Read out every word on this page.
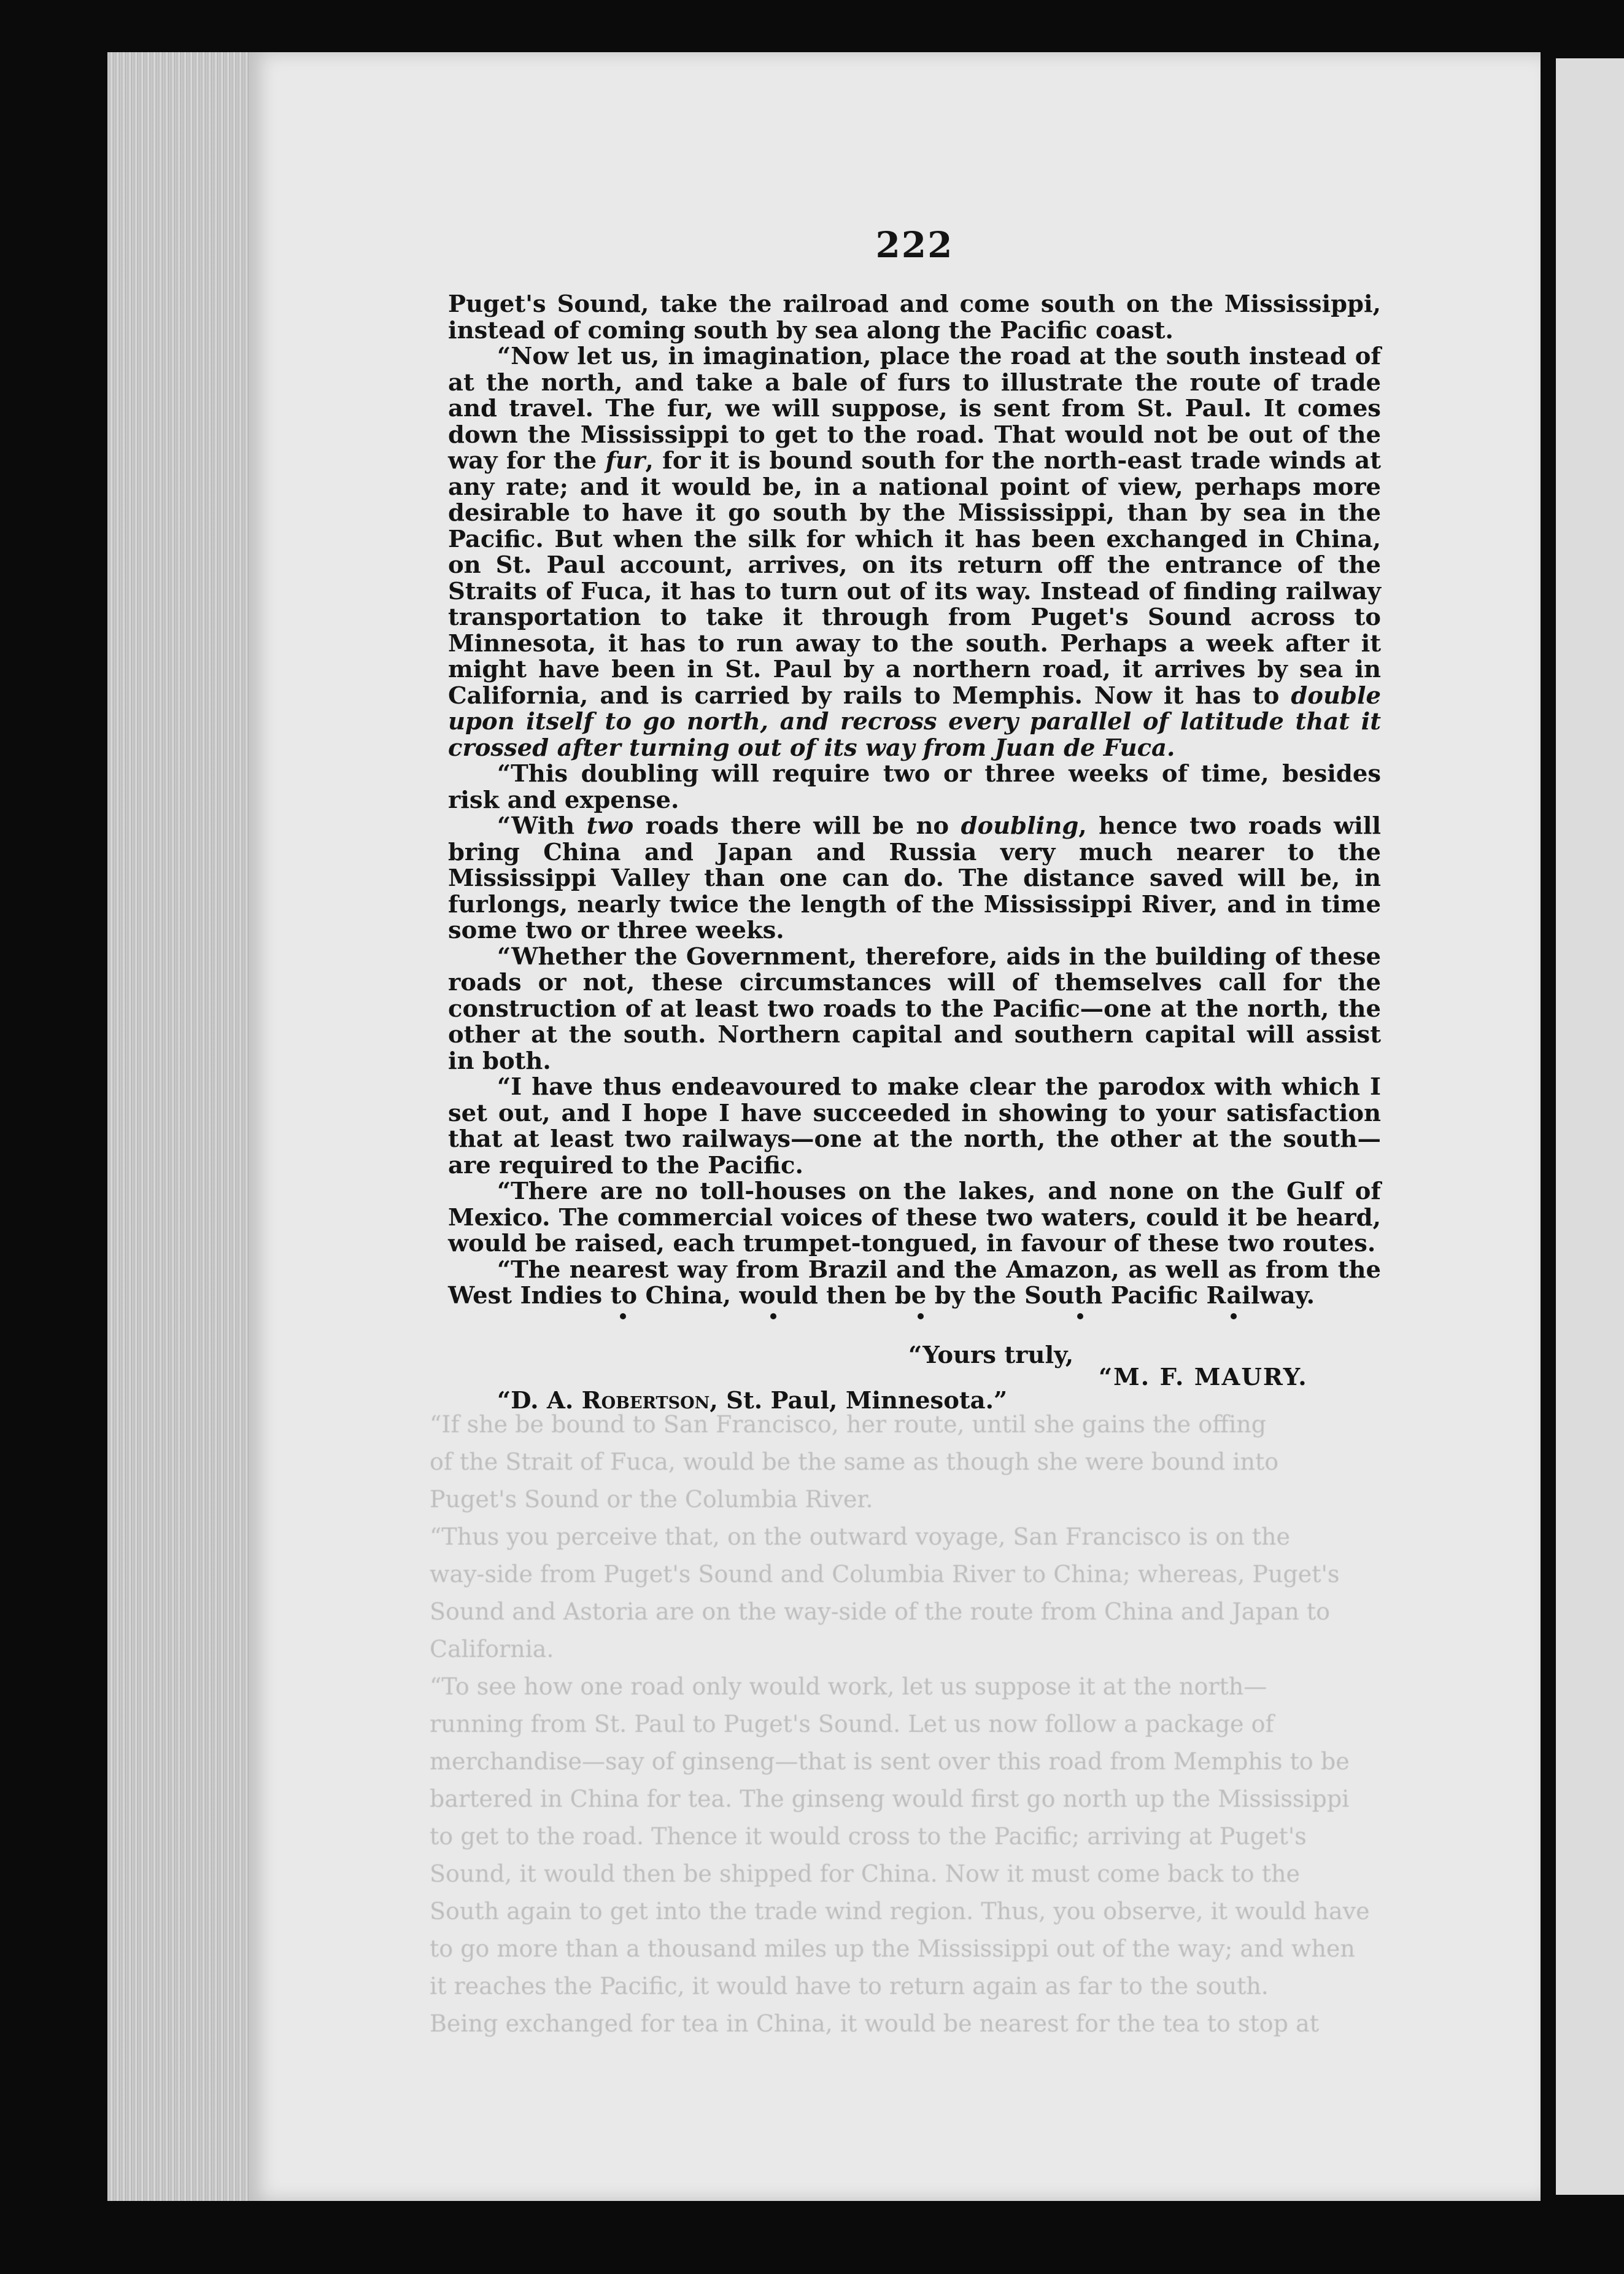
“If she be bound to San Francisco, her route, until she gains the offing

of the Strait of Fuca, would be the same as though she were bound into

Puget's Sound or the Columbia River.

“Thus you perceive that, on the outward voyage, San Francisco is on the

way-side from Puget's Sound and Columbia River to China; whereas, Puget's

Sound and Astoria are on the way-side of the route from China and Japan to

California.

“To see how one road only would work, let us suppose it at the north—

running from St. Paul to Puget's Sound. Let us now follow a package of

merchandise—say of ginseng—that is sent over this road from Memphis to be

bartered in China for tea. The ginseng would first go north up the Mississippi

to get to the road. Thence it would cross to the Pacific; arriving at Puget's

Sound, it would then be shipped for China. Now it must come back to the

South again to get into the trade wind region. Thus, you observe, it would have

to go more than a thousand miles up the Mississippi out of the way; and when

it reaches the Pacific, it would have to return again as far to the south.

Being exchanged for tea in China, it would be nearest for the tea to stop at

222

Puget's Sound, take the railroad and come south on the Mississippi, instead of coming south by sea along the Pacific coast.

“Now let us, in imagination, place the road at the south instead of at the north, and take a bale of furs to illustrate the route of trade and travel. The fur, we will suppose, is sent from St. Paul. It comes down the Mississippi to get to the road. That would not be out of the way for the fur, for it is bound south for the north-east trade winds at any rate; and it would be, in a national point of view, perhaps more desirable to have it go south by the Mississippi, than by sea in the Pacific. But when the silk for which it has been exchanged in China, on St. Paul account, arrives, on its return off the entrance of the Straits of Fuca, it has to turn out of its way. Instead of finding railway transportation to take it through from Puget's Sound across to Minnesota, it has to run away to the south. Perhaps a week after it might have been in St. Paul by a northern road, it arrives by sea in California, and is carried by rails to Memphis. Now it has to double upon itself to go north, and recross every parallel of latitude that it crossed after turning out of its way from Juan de Fuca.

“This doubling will require two or three weeks of time, besides risk and expense.

“With two roads there will be no doubling, hence two roads will bring China and Japan and Russia very much nearer to the Mississippi Valley than one can do. The distance saved will be, in furlongs, nearly twice the length of the Mississippi River, and in time some two or three weeks.

“Whether the Government, therefore, aids in the building of these roads or not, these circumstances will of themselves call for the construction of at least two roads to the Pacific—one at the north, the other at the south. Northern capital and southern capital will assist in both.

“I have thus endeavoured to make clear the parodox with which I set out, and I hope I have succeeded in showing to your satisfaction that at least two railways—one at the north, the other at the south—are required to the Pacific.

“There are no toll-houses on the lakes, and none on the Gulf of Mexico. The commercial voices of these two waters, could it be heard, would be raised, each trumpet-tongued, in favour of these two routes.

“The nearest way from Brazil and the Amazon, as well as from the West Indies to China, would then be by the South Pacific Railway.

“Yours truly,
“M. F. MAURY.
“D. A. Robertson, St. Paul, Minnesota.”
